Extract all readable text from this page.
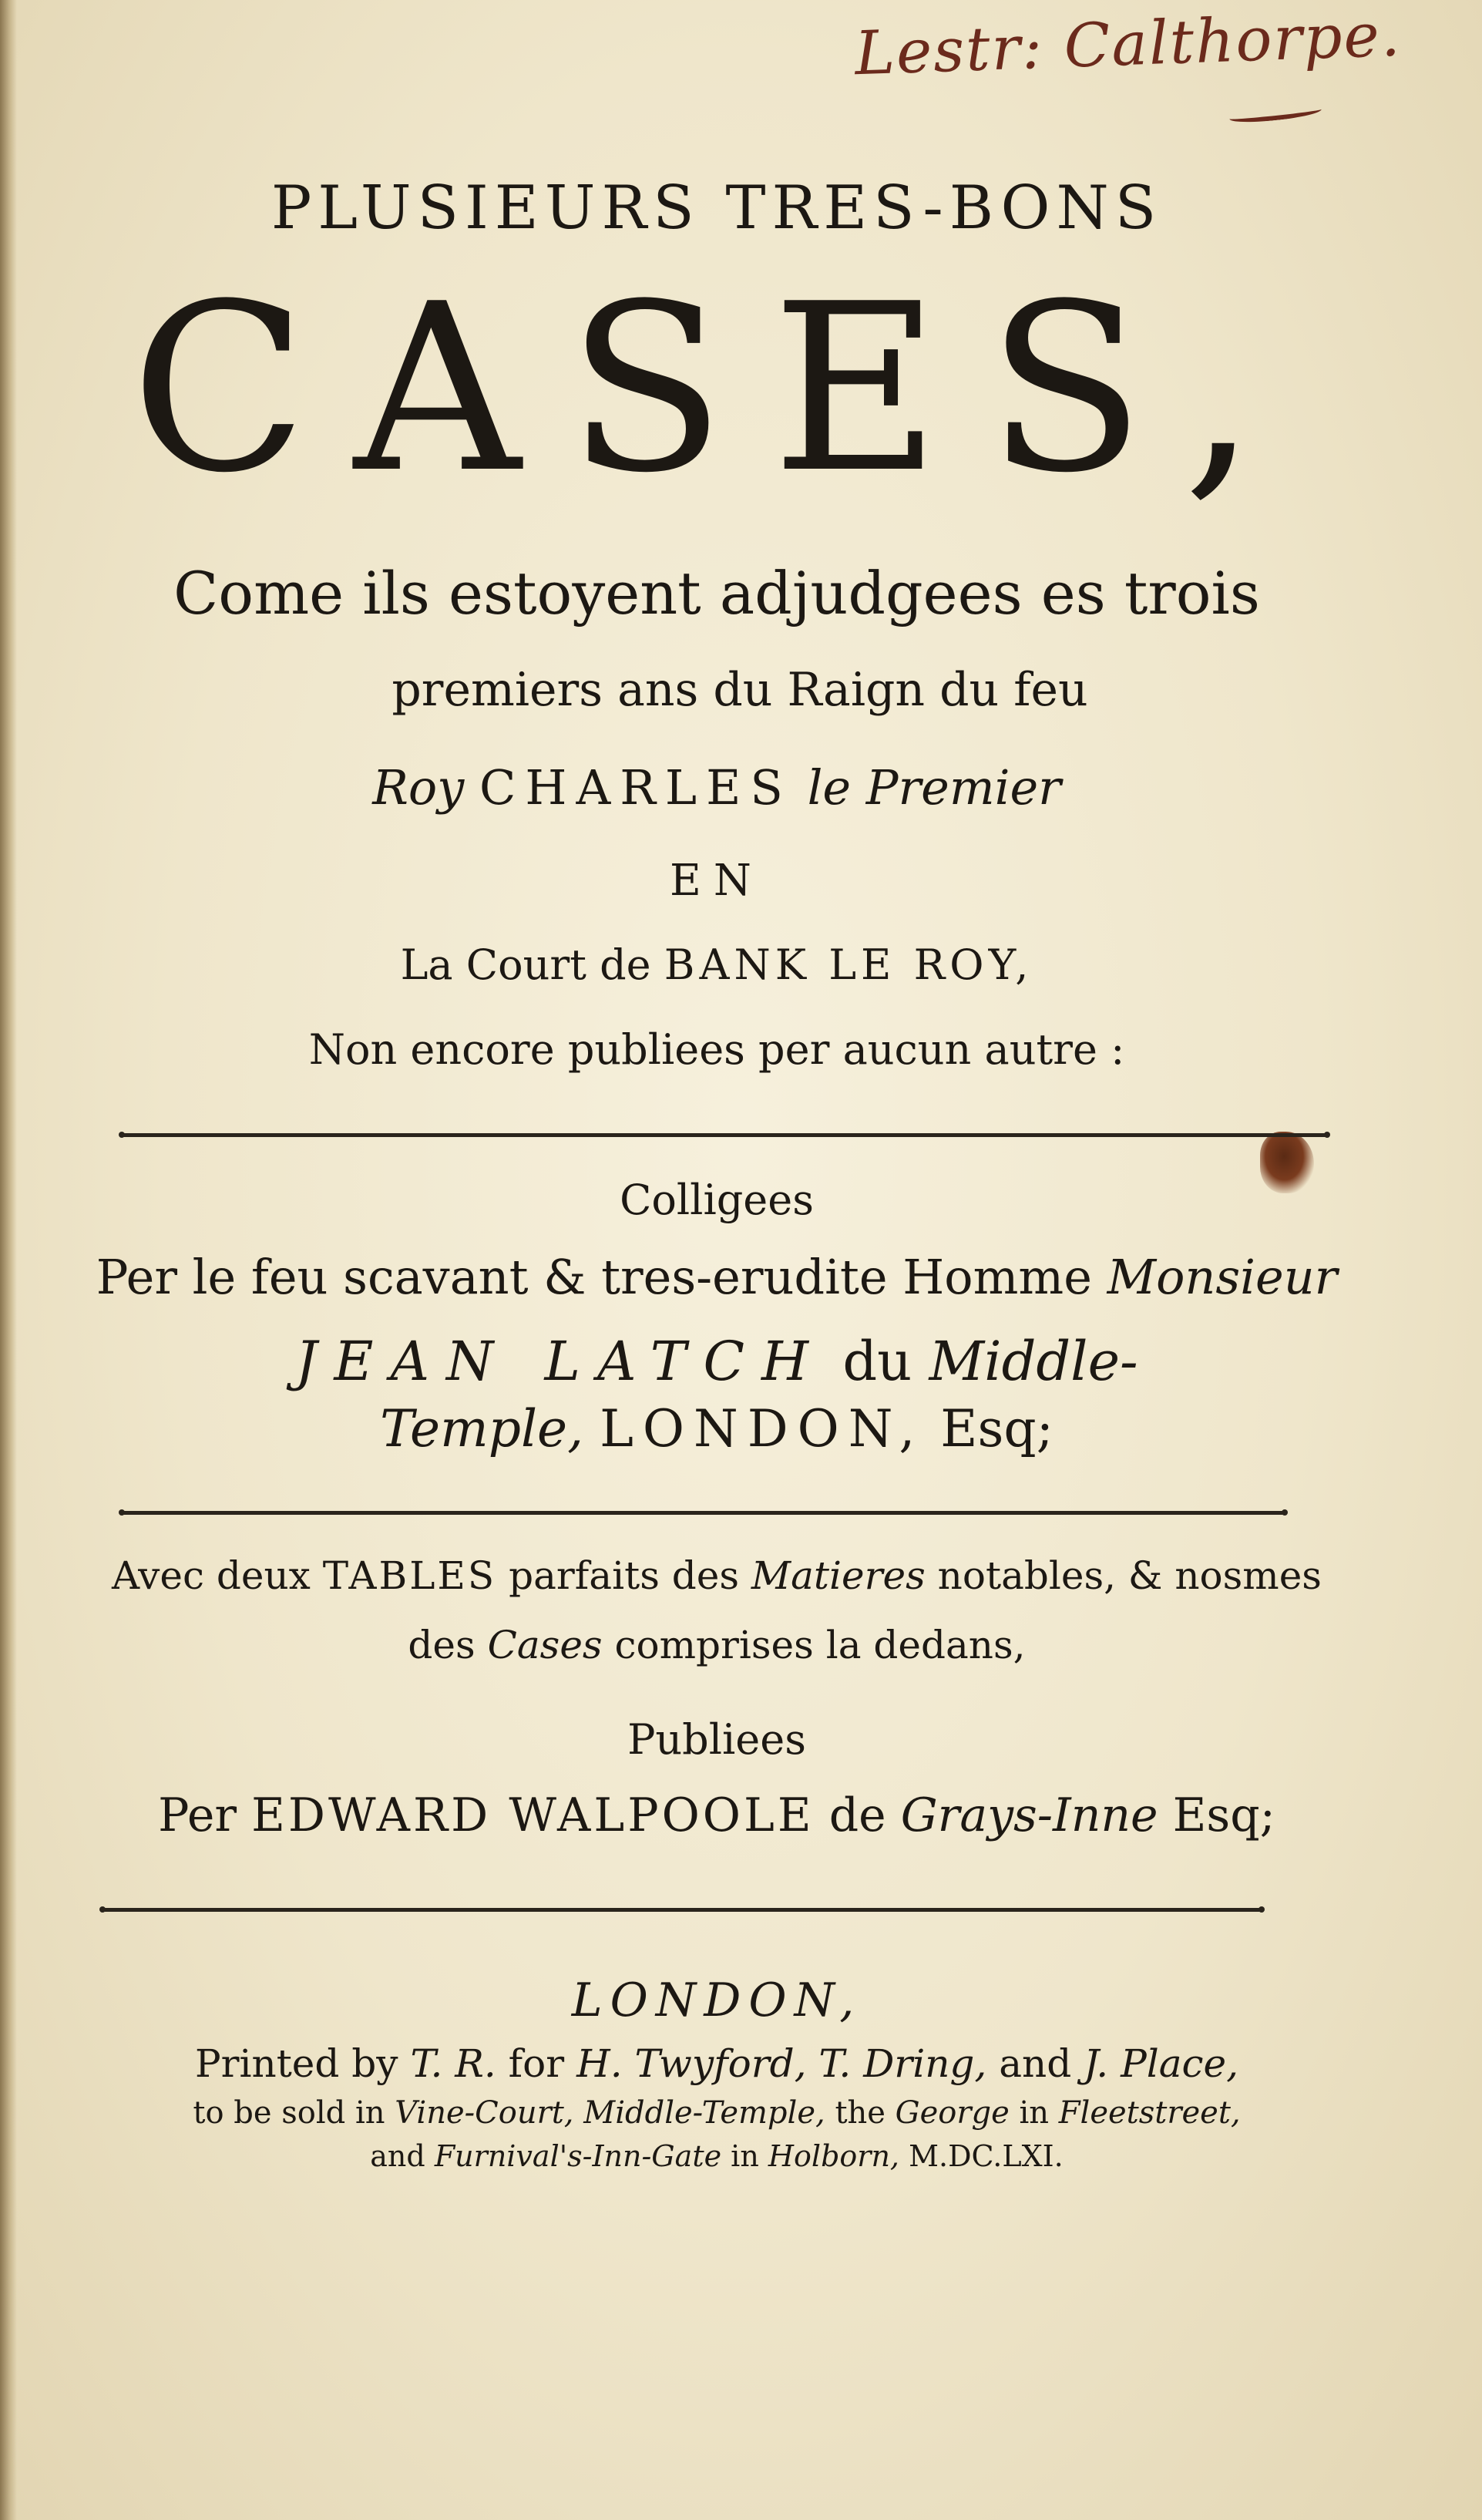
Lestr: Calthorpe.
PLUSIEURS TRES-BONS
CASES,
Come ils estoyent adjudgees es trois
premiers ans du Raign du feu
Roy CHARLES le Premier
EN
La Court de BANK LE ROY,
Non encore publiees per aucun autre :
Colligees
Per le feu scavant & tres-erudite Homme Monsieur
JEAN LATCH du Middle-
Temple, LONDON, Esq;
Avec deux TABLES parfaits des Matieres notables, & nosmes
des Cases comprises la dedans,
Publiees
Per EDWARD WALPOOLE de Grays-Inne Esq;
LONDON,
Printed by T. R. for H. Twyford, T. Dring, and J. Place,
to be sold in Vine-Court, Middle-Temple, the George in Fleetstreet,
and Furnival's-Inn-Gate in Holborn, M.DC.LXI.
